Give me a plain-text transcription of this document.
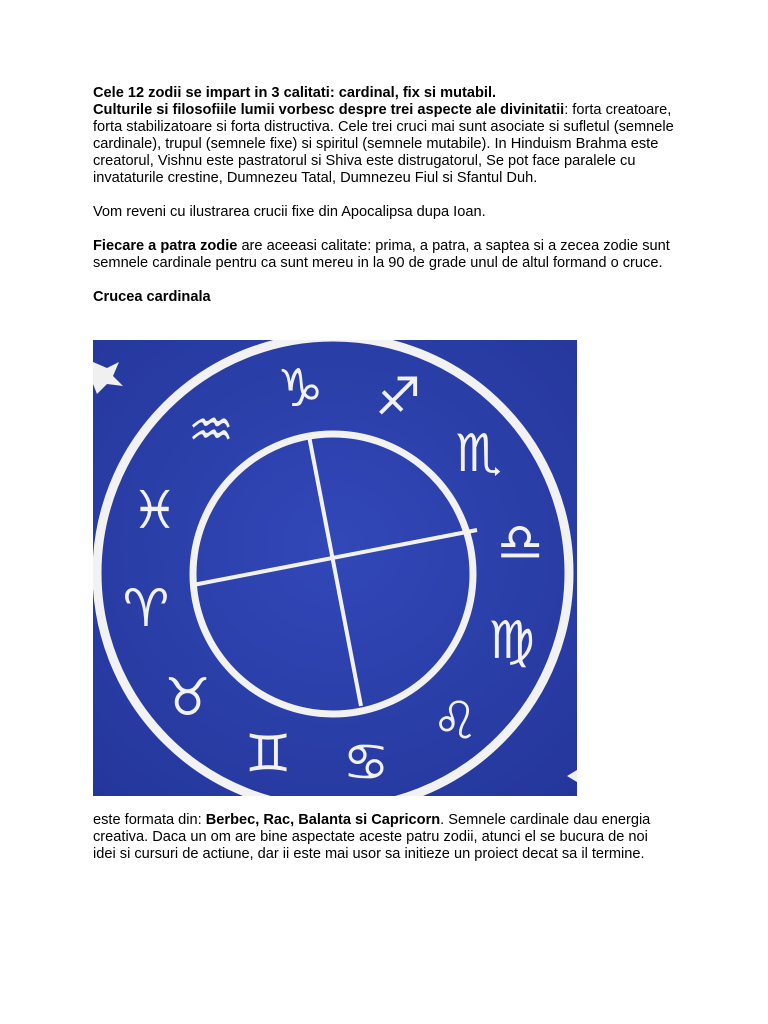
Cele 12 zodii se impart in 3 calitati: cardinal, fix si mutabil.
Culturile si filosofiile lumii vorbesc despre trei aspecte ale divinitatii: forta creatoare, forta stabilizatoare si forta distructiva. Cele trei cruci mai sunt asociate si sufletul (semnele cardinale), trupul (semnele fixe) si spiritul (semnele mutabile). In Hinduism Brahma este creatorul, Vishnu este pastratorul si Shiva este distrugatorul, Se pot face paralele cu invataturile crestine, Dumnezeu Tatal, Dumnezeu Fiul si Sfantul Duh.

Vom reveni cu ilustrarea crucii fixe din Apocalipsa dupa Ioan.

Fiecare a patra zodie are aceeasi calitate: prima, a patra, a saptea si a zecea zodie sunt semnele cardinale pentru ca sunt mereu in la 90 de grade unul de altul formand o cruce.

Crucea cardinala

♑ ♐
♏
♎
♍
♌
♋
♊
♉
♈
♓
♒
este formata din: Berbec, Rac, Balanta si Capricorn. Semnele cardinale dau energia creativa. Daca un om are bine aspectate aceste patru zodii, atunci el se bucura de noi idei si cursuri de actiune, dar ii este mai usor sa initieze un proiect decat sa il termine.
